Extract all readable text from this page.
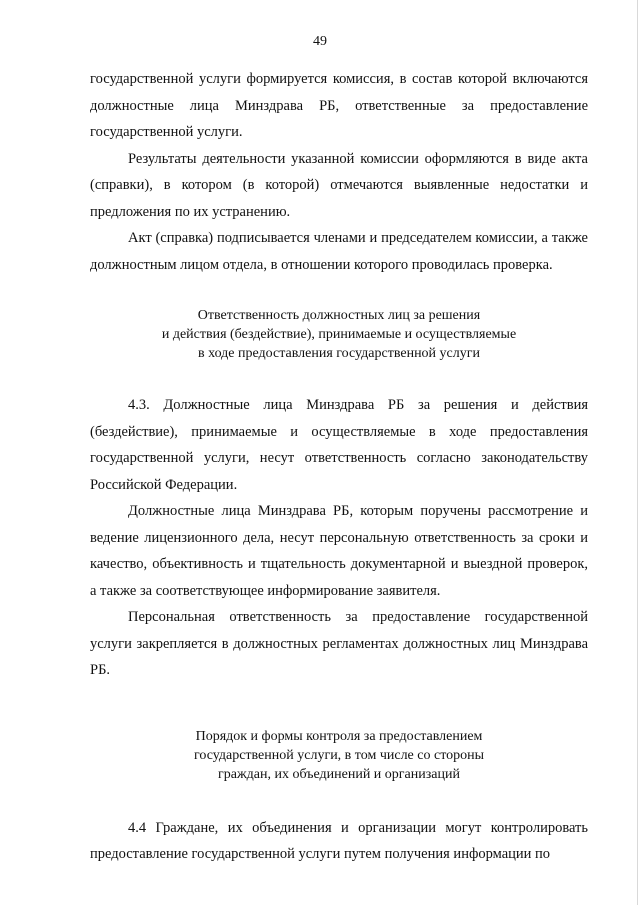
49

государственной услуги формируется комиссия, в состав которой включаются должностные лица Минздрава РБ, ответственные за предоставление государственной услуги.

Результаты деятельности указанной комиссии оформляются в виде акта (справки), в котором (в которой) отмечаются выявленные недостатки и предложения по их устранению.

Акт (справка) подписывается членами и председателем комиссии, а также должностным лицом отдела, в отношении которого проводилась проверка.

Ответственность должностных лиц за решения
и действия (бездействие), принимаемые и осуществляемые
в ходе предоставления государственной услуги

4.3. Должностные лица Минздрава РБ за решения и действия (бездействие), принимаемые и осуществляемые в ходе предоставления государственной услуги, несут ответственность согласно законодательству Российской Федерации.

Должностные лица Минздрава РБ, которым поручены рассмотрение и ведение лицензионного дела, несут персональную ответственность за сроки и качество, объективность и тщательность документарной и выездной проверок, а также за соответствующее информирование заявителя.

Персональная ответственность за предоставление государственной услуги закрепляется в должностных регламентах должностных лиц Минздрава РБ.

Порядок и формы контроля за предоставлением
государственной услуги, в том числе со стороны
граждан, их объединений и организаций

4.4 Граждане, их объединения и организации могут контролировать предоставление государственной услуги путем получения информации по
